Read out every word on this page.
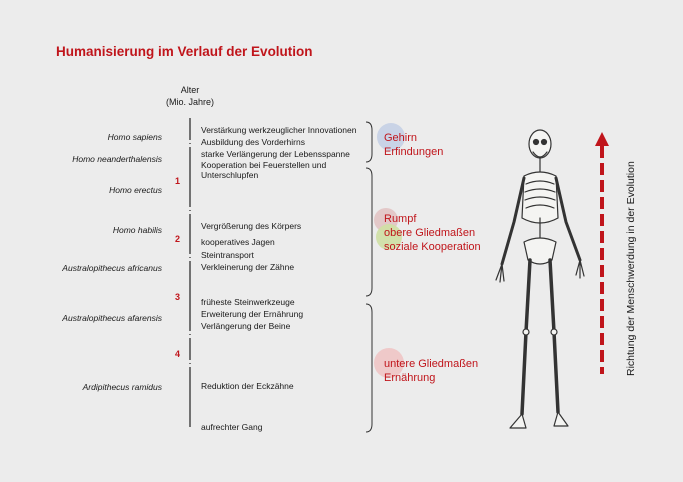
Humanisierung im Verlauf der Evolution
Alter
(Mio. Jahre)
Homo sapiens
Homo neanderthalensis
Homo erectus
Homo habilis
Australopithecus africanus
Australopithecus afarensis
Ardipithecus ramidus
1
2
3
4
Verstärkung werkzeuglicher Innovationen
Ausbildung des Vorderhirns
starke Verlängerung der Lebensspanne
Kooperation bei Feuerstellen und
Unterschlupfen
Vergrößerung des Körpers
kooperatives Jagen
Steintransport
Verkleinerung der Zähne
früheste Steinwerkzeuge
Erweiterung der Ernährung
Verlängerung der Beine
Reduktion der Eckzähne
aufrechter Gang
Gehirn
Erfindungen
Rumpf
obere Gliedmaßen
soziale Kooperation
untere Gliedmaßen
Ernährung
Richtung der Menschwerdung in der Evolution
